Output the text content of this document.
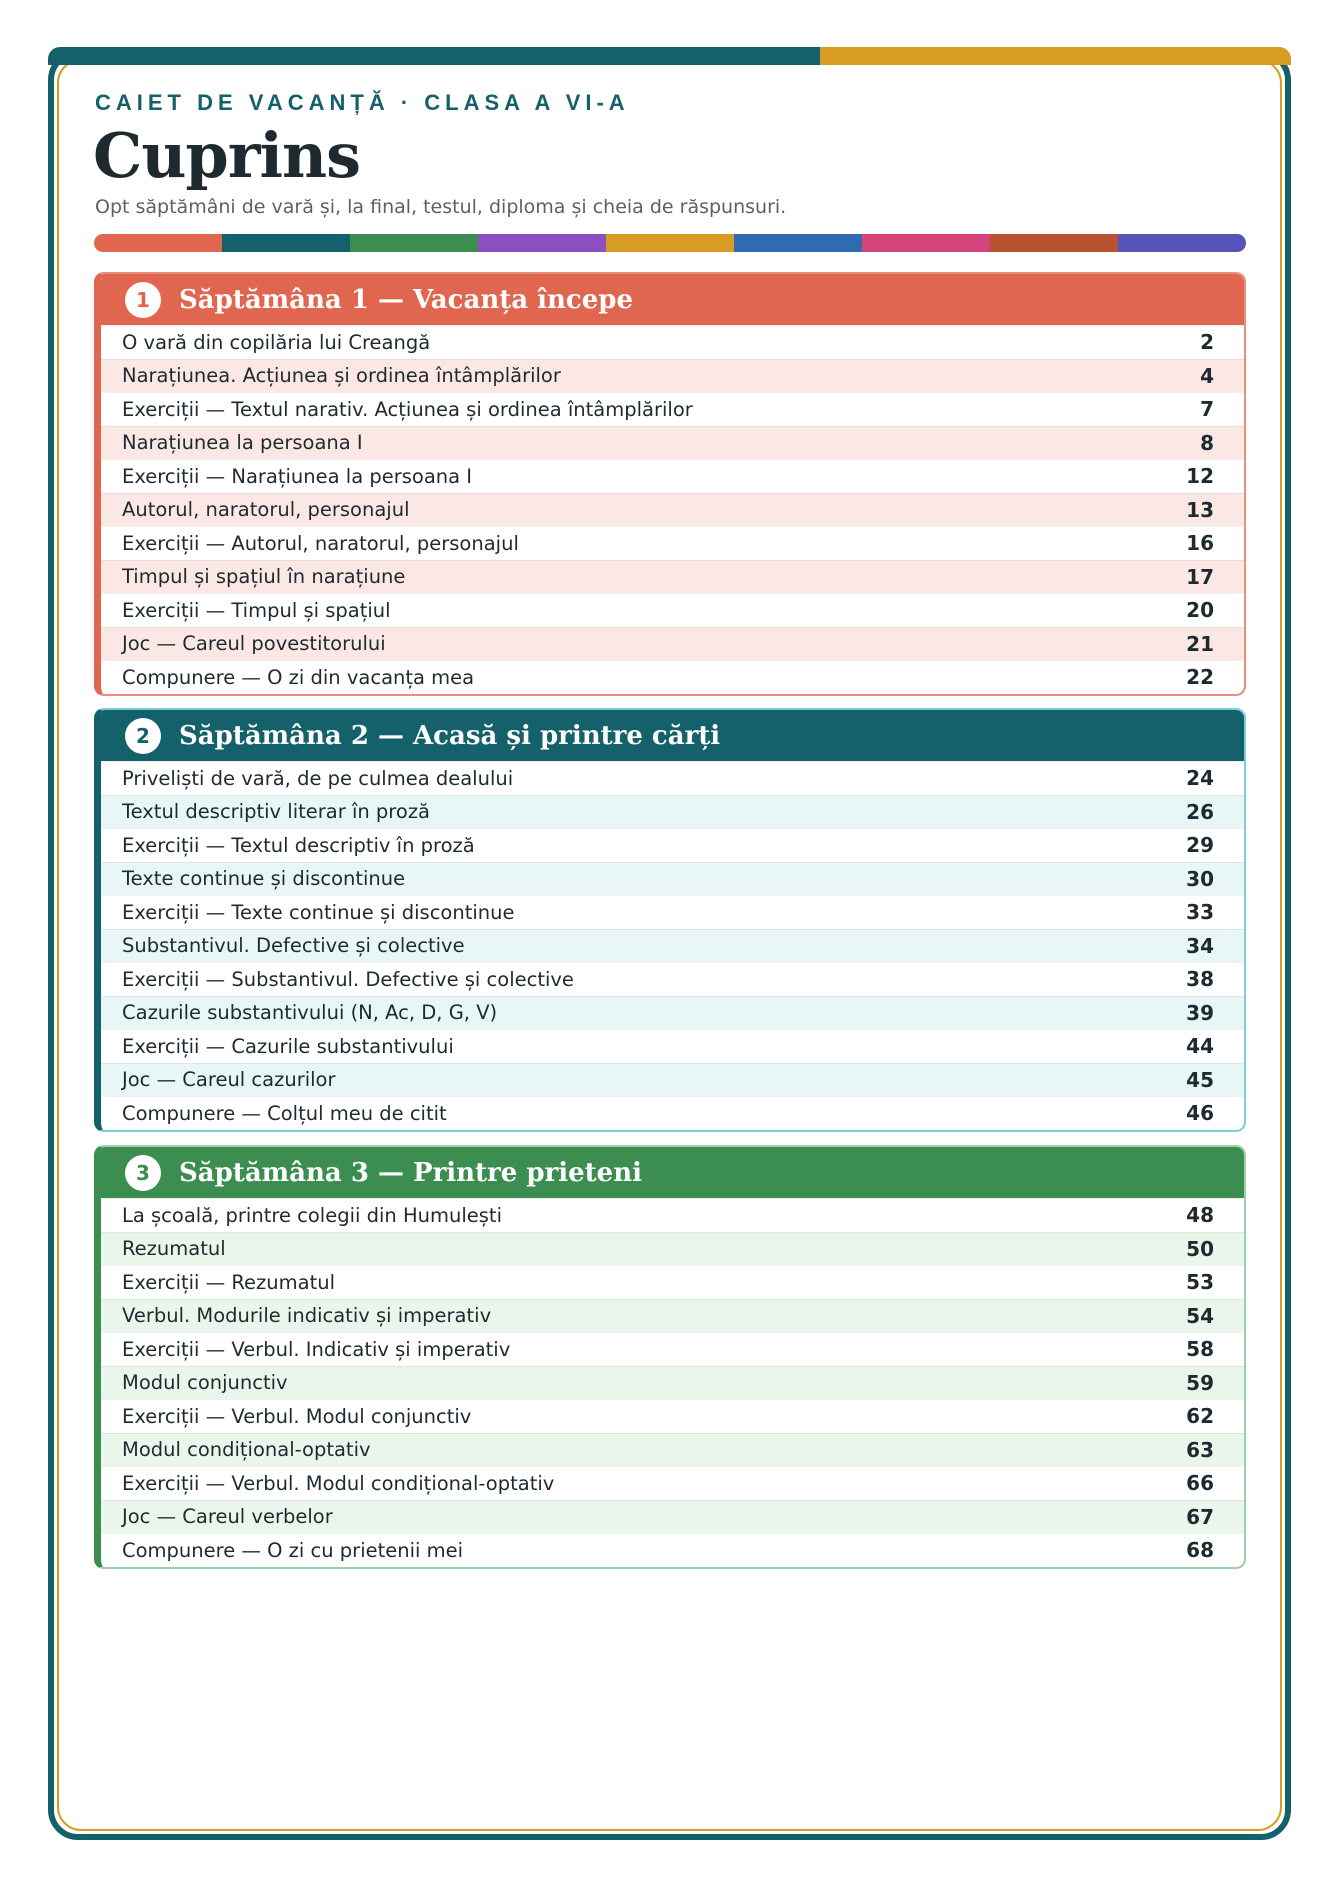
CAIET DE VACANȚĂ · CLASA A VI-A

Cuprins

Opt săptămâni de vară și, la final, testul, diploma și cheia de răspunsuri.

1	Săptămâna 1 — Vacanța începe
O vară din copilăria lui Creangă	2
Narațiunea. Acțiunea și ordinea întâmplărilor	4
Exerciții — Textul narativ. Acțiunea și ordinea întâmplărilor	7
Narațiunea la persoana I	8
Exerciții — Narațiunea la persoana I	12
Autorul, naratorul, personajul	13
Exerciții — Autorul, naratorul, personajul	16
Timpul și spațiul în narațiune	17
Exerciții — Timpul și spațiul	20
Joc — Careul povestitorului	21
Compunere — O zi din vacanța mea	22
2	Săptămâna 2 — Acasă și printre cărți
Priveliști de vară, de pe culmea dealului	24
Textul descriptiv literar în proză	26
Exerciții — Textul descriptiv în proză	29
Texte continue și discontinue	30
Exerciții — Texte continue și discontinue	33
Substantivul. Defective și colective	34
Exerciții — Substantivul. Defective și colective	38
Cazurile substantivului (N, Ac, D, G, V)	39
Exerciții — Cazurile substantivului	44
Joc — Careul cazurilor	45
Compunere — Colțul meu de citit	46
3	Săptămâna 3 — Printre prieteni
La școală, printre colegii din Humulești	48
Rezumatul	50
Exerciții — Rezumatul	53
Verbul. Modurile indicativ și imperativ	54
Exerciții — Verbul. Indicativ și imperativ	58
Modul conjunctiv	59
Exerciții — Verbul. Modul conjunctiv	62
Modul condițional-optativ	63
Exerciții — Verbul. Modul condițional-optativ	66
Joc — Careul verbelor	67
Compunere — O zi cu prietenii mei	68
